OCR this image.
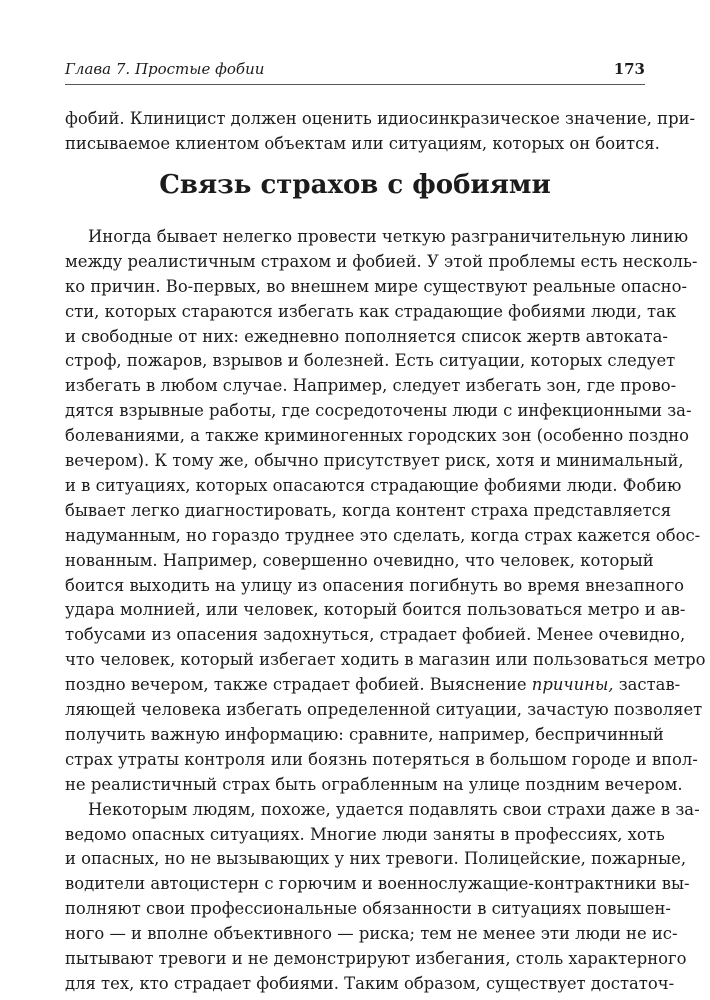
Глава 7. Простые фобии	173
фобий. Клиницист должен оценить идиосинкразическое значение, при-
писываемое клиентом объектам или ситуациям, которых он боится.
Связь страхов с фобиями
Иногда бывает нелегко провести четкую разграничительную линию
между реалистичным страхом и фобией. У этой проблемы есть несколь-
ко причин. Во-первых, во внешнем мире существуют реальные опасно-
сти, которых стараются избегать как страдающие фобиями люди, так
и свободные от них: ежедневно пополняется список жертв автоката-
строф, пожаров, взрывов и болезней. Есть ситуации, которых следует
избегать в любом случае. Например, следует избегать зон, где прово-
дятся взрывные работы, где сосредоточены люди с инфекционными за-
болеваниями, а также криминогенных городских зон (особенно поздно
вечером). К тому же, обычно присутствует риск, хотя и минимальный,
и в ситуациях, которых опасаются страдающие фобиями люди. Фобию
бывает легко диагностировать, когда контент страха представляется
надуманным, но гораздо труднее это сделать, когда страх кажется обос-
нованным. Например, совершенно очевидно, что человек, который
боится выходить на улицу из опасения погибнуть во время внезапного
удара молнией, или человек, который боится пользоваться метро и ав-
тобусами из опасения задохнуться, страдает фобией. Менее очевидно,
что человек, который избегает ходить в магазин или пользоваться метро
поздно вечером, также страдает фобией. Выяснение причины, застав-
ляющей человека избегать определенной ситуации, зачастую позволяет
получить важную информацию: сравните, например, беспричинный
страх утраты контроля или боязнь потеряться в большом городе и впол-
не реалистичный страх быть ограбленным на улице поздним вечером.
Некоторым людям, похоже, удается подавлять свои страхи даже в за-
ведомо опасных ситуациях. Многие люди заняты в профессиях, хоть
и опасных, но не вызывающих у них тревоги. Полицейские, пожарные,
водители автоцистерн с горючим и военнослужащие-контрактники вы-
полняют свои профессиональные обязанности в ситуациях повышен-
ного — и вполне объективного — риска; тем не менее эти люди не ис-
пытывают тревоги и не демонстрируют избегания, столь характерного
для тех, кто страдает фобиями. Таким образом, существует достаточ-
